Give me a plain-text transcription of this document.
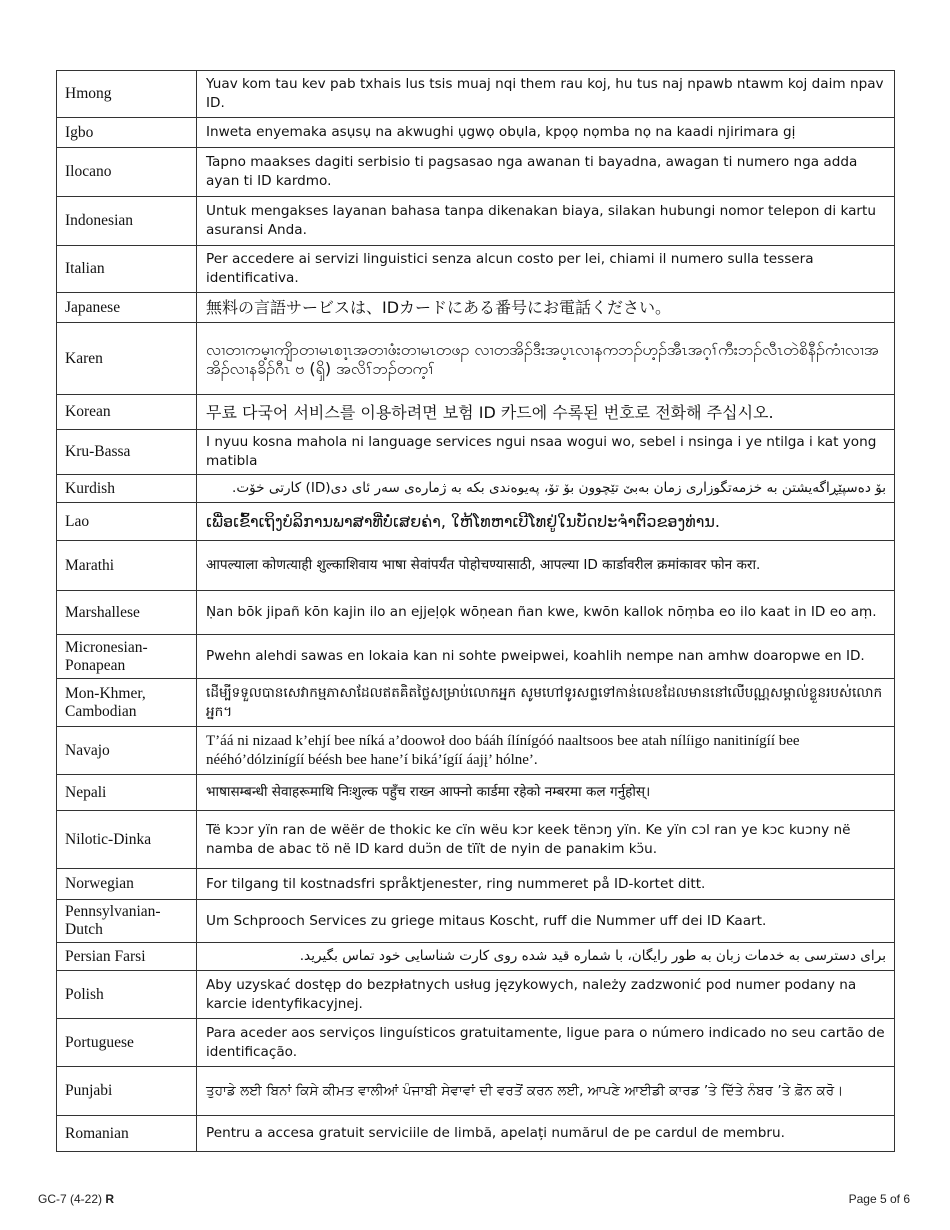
Hmong	Yuav kom tau kev pab txhais lus tsis muaj nqi them rau koj, hu tus naj npawb ntawm koj daim npav ID.
Igbo	Inweta enyemaka asụsụ na akwughi ụgwọ obụla, kpọọ nọmba nọ na kaadi njirimara gị
Ilocano	Tapno maakses dagiti serbisio ti pagsasao nga awanan ti bayadna, awagan ti numero nga adda ayan ti ID kardmo.
Indonesian	Untuk mengakses layanan bahasa tanpa dikenakan biaya, silakan hubungi nomor telepon di kartu asuransi Anda.
Italian	Per accedere ai servizi linguistici senza alcun costo per lei, chiami il numero sulla tessera identificativa.
Japanese	無料の言語サービスは、IDカードにある番号にお電話ください。
Karen	လၢတၢကမ့ၢကျိာတၢမၤစၢ့ၤအတၢဖံးတၢမၤတဖၣ လၢတအိၣ်ဒီးအပ့ၤလၢနကဘၣ်ဟ့ၣ်အီၤအဂ့ၢ်ကီးဘၣ်လီၤတဲစိနီၣ်ကံၢလၢအအိၣ်လၢနခိၣ်ဂီၤ ဗ (ၡိ) အလိၢ်ဘၣ်တက့ၢ်
Korean	무료 다국어 서비스를 이용하려면 보험 ID 카드에 수록된 번호로 전화해 주십시오.
Kru-Bassa	I nyuu kosna mahola ni language services ngui nsaa wogui wo, sebel i nsinga i ye ntilga i kat yong matibla
Kurdish	بۆ دەسپێڕاگەیشتن بە خزمەتگوزاری زمان بەبێ تێچوون بۆ تۆ، پەیوەندی بکە بە ژمارەی سەر ئای دی(ID) کارتی خۆت.
Lao	ເພື່ອເຂົ້າເຖິງບໍລິການພາສາທີ່ບໍ່ເສຍຄ່າ, ໃຫ້ໂທຫາເບີໂທຢູ່ໃນບັດປະຈໍາຕົວຂອງທ່ານ.
Marathi	आपल्याला कोणत्याही शुल्काशिवाय भाषा सेवांपर्यंत पोहोचण्यासाठी, आपल्या ID कार्डावरील क्रमांकावर फोन करा.
Marshallese	Ṇan bōk jipañ kōn kajin ilo an ejjeḷọk wōṇean ñan kwe, kwōn kallok nōṃba eo ilo kaat in ID eo aṃ.
Micronesian-Ponapean	Pwehn alehdi sawas en lokaia kan ni sohte pweipwei, koahlih nempe nan amhw doaropwe en ID.
Mon-Khmer, Cambodian	ដើម្បីទទួលបានសេវាកម្មភាសាដែលឥតគិតថ្លៃសម្រាប់លោកអ្នក សូមហៅទូរសព្ទទៅកាន់លេខដែលមាននៅលើបណ្ណសម្គាល់ខ្លួនរបស់លោកអ្នក។
Navajo	T’áá ni nizaad k’ehjí bee níká a’doowoł doo bááh ílínígóó naaltsoos bee atah nílíigo nanitinígíí bee nééhó’dólzinígíí béésh bee hane’í biká’ígíí áajį’ hólne’.
Nepali	भाषासम्बन्धी सेवाहरूमाथि निःशुल्क पहुँच राख्न आफ्नो कार्डमा रहेको नम्बरमा कल गर्नुहोस्।
Nilotic-Dinka	Të kɔɔr yïn ran de wëër de thokic ke cïn wëu kɔr keek tënɔŋ yïn. Ke yïn cɔl ran ye kɔc kuɔny në namba de abac tö në ID kard duɔ̈n de tïït de nyin de panakim kɔ̈u.
Norwegian	For tilgang til kostnadsfri språktjenester, ring nummeret på ID-kortet ditt.
Pennsylvanian-Dutch	Um Schprooch Services zu griege mitaus Koscht, ruff die Nummer uff dei ID Kaart.
Persian Farsi	برای دسترسی به خدمات زبان به طور رایگان، با شماره قید شده روی کارت شناسایی خود تماس بگیرید.
Polish	Aby uzyskać dostęp do bezpłatnych usług językowych, należy zadzwonić pod numer podany na karcie identyfikacyjnej.
Portuguese	Para aceder aos serviços linguísticos gratuitamente, ligue para o número indicado no seu cartão de identificação.
Punjabi	ਤੁਹਾਡੇ ਲਈ ਬਿਨਾਂ ਕਿਸੇ ਕੀਮਤ ਵਾਲੀਆਂ ਪੰਜਾਬੀ ਸੇਵਾਵਾਂ ਦੀ ਵਰਤੋਂ ਕਰਨ ਲਈ, ਆਪਣੇ ਆਈਡੀ ਕਾਰਡ ’ਤੇ ਦਿੱਤੇ ਨੰਬਰ ’ਤੇ ਫ਼ੋਨ ਕਰੋ।
Romanian	Pentru a accesa gratuit serviciile de limbă, apelați numărul de pe cardul de membru.
GC-7 (4-22) R	Page 5 of 6
